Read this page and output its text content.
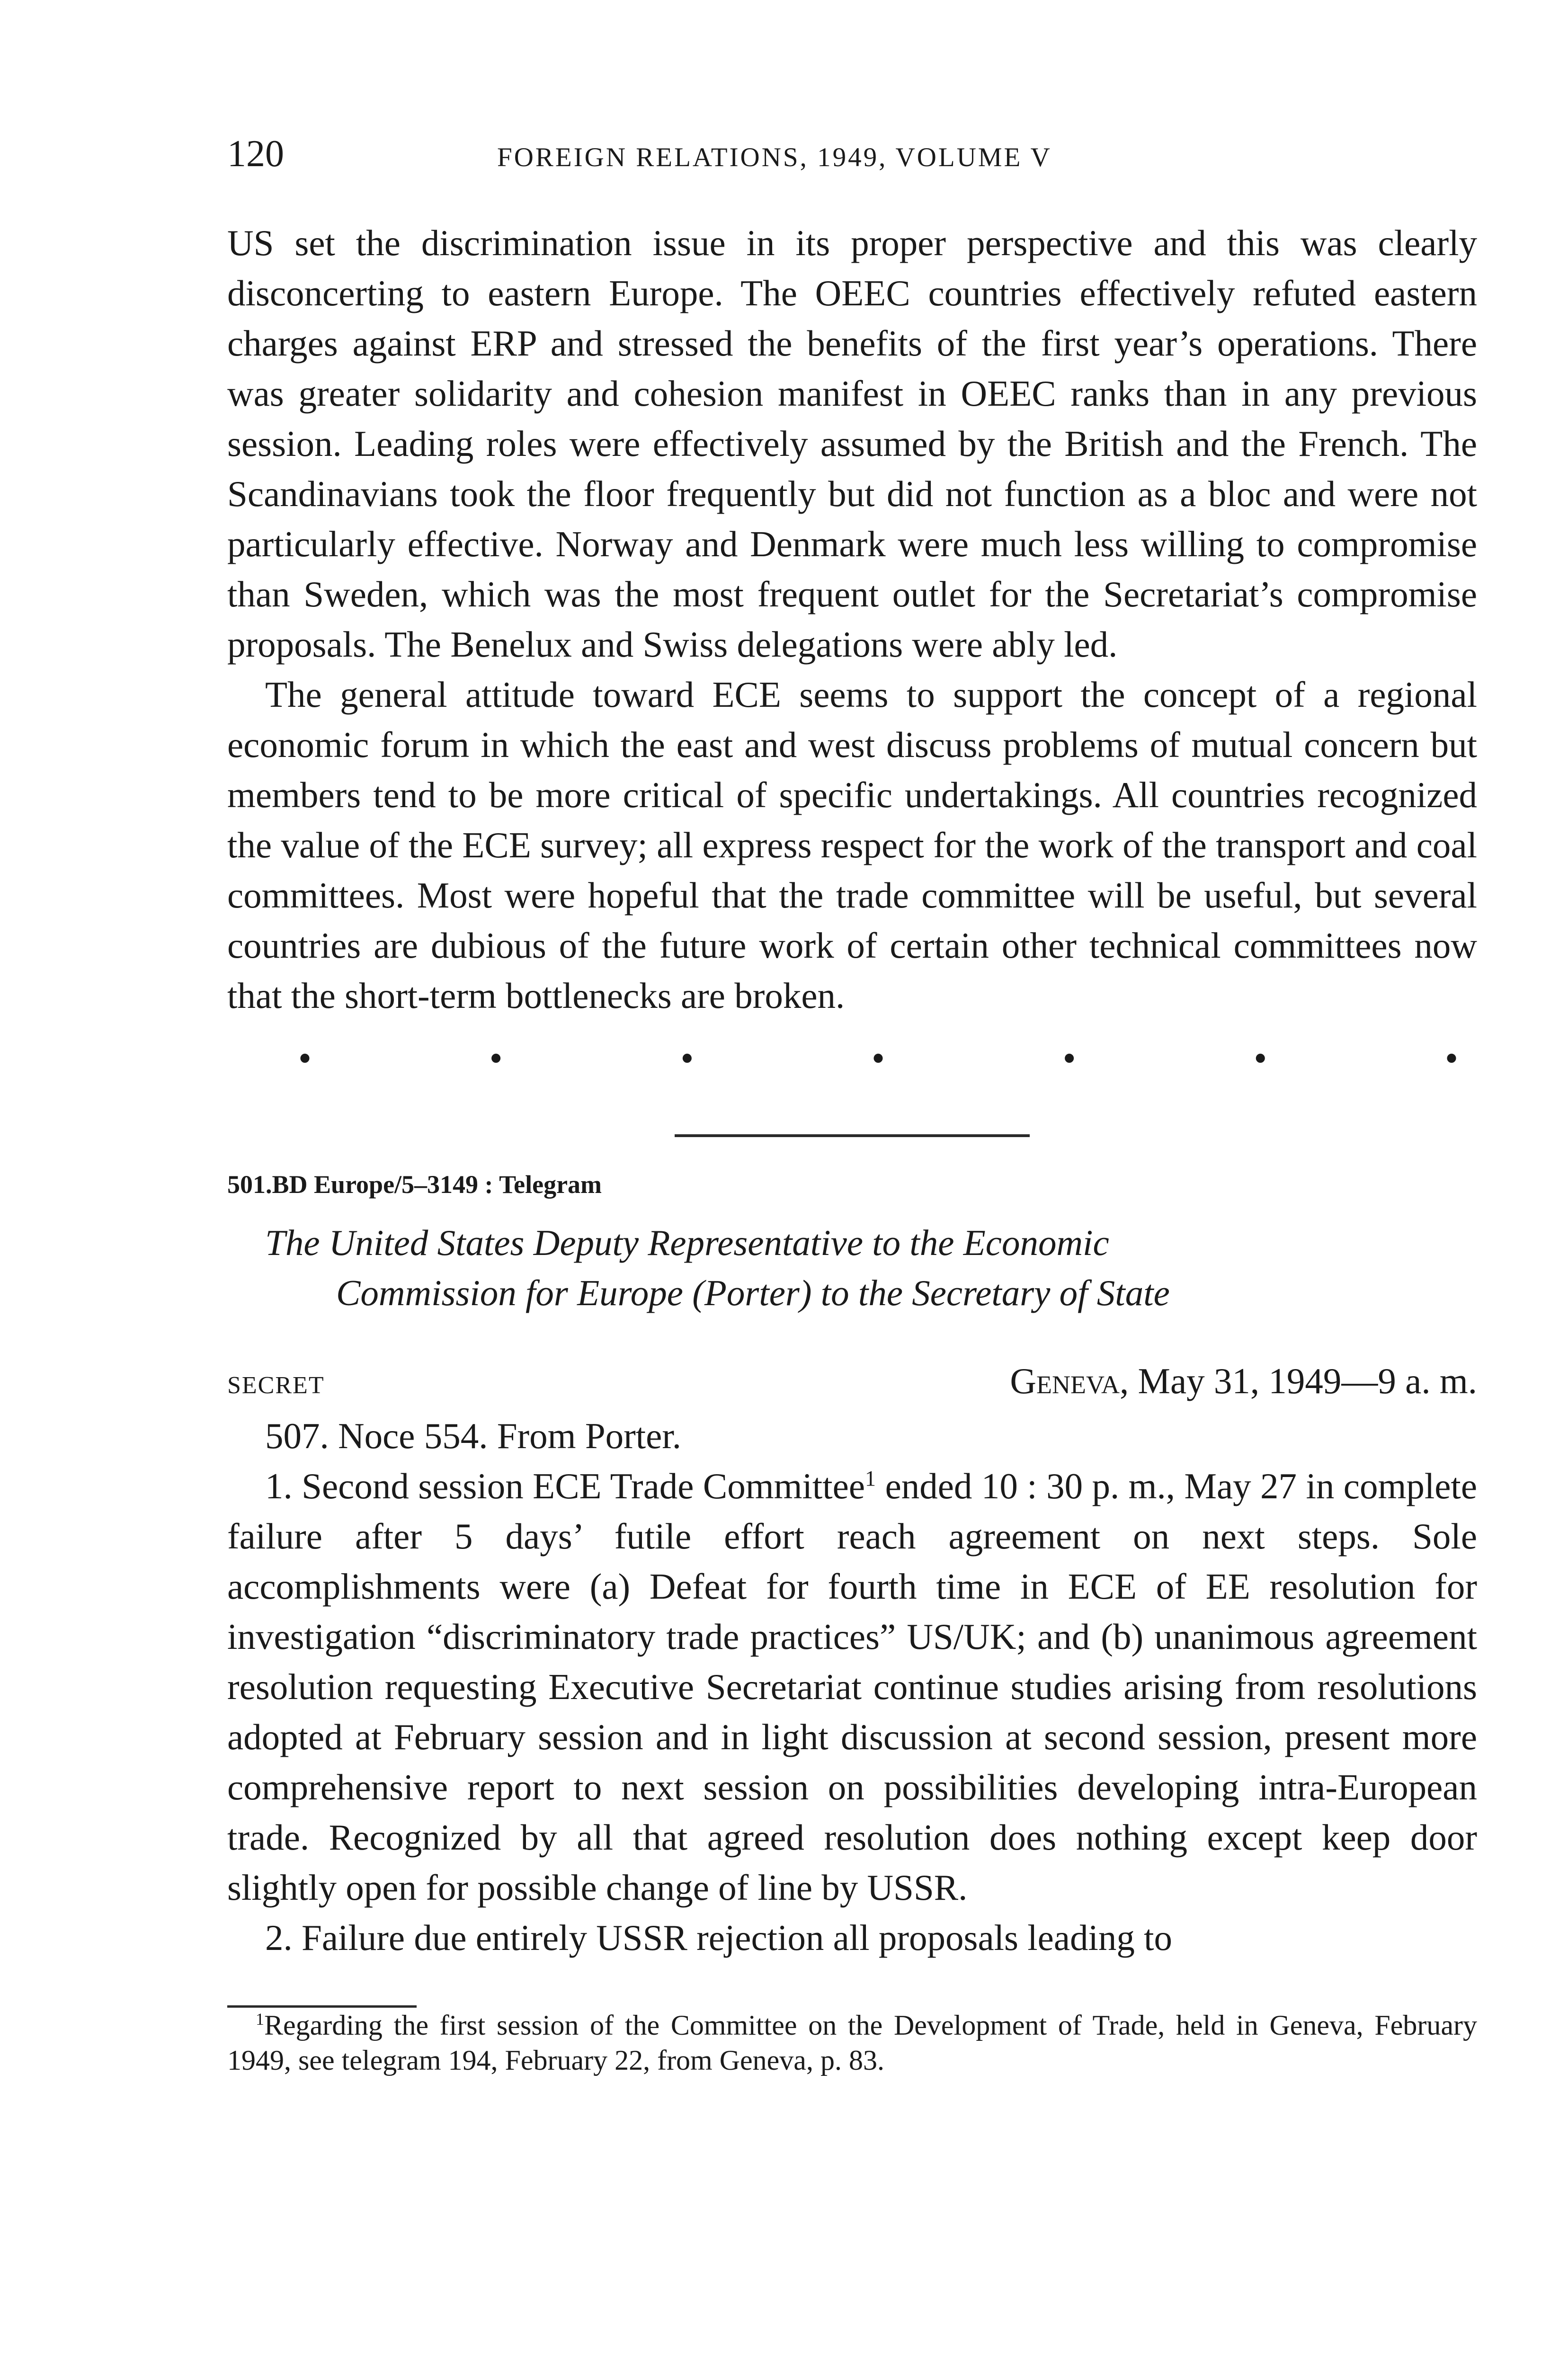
120	FOREIGN RELATIONS, 1949, VOLUME V

US set the discrimination issue in its proper perspective and this was clearly disconcerting to eastern Europe. The OEEC countries effectively refuted eastern charges against ERP and stressed the benefits of the first year’s operations. There was greater solidarity and cohesion manifest in OEEC ranks than in any previous session. Leading roles were effectively assumed by the British and the French. The Scandinavians took the floor frequently but did not function as a bloc and were not particularly effective. Norway and Denmark were much less willing to compromise than Sweden, which was the most frequent outlet for the Secretariat’s compromise proposals. The Benelux and Swiss delegations were ably led.

The general attitude toward ECE seems to support the concept of a regional economic forum in which the east and west discuss problems of mutual concern but members tend to be more critical of specific undertakings. All countries recognized the value of the ECE survey; all express respect for the work of the transport and coal committees. Most were hopeful that the trade committee will be useful, but several countries are dubious of the future work of certain other technical committees now that the short-term bottlenecks are broken.

•	•	•	•	•	•	•
501.BD Europe/5–3149 : Telegram
The United States Deputy Representative to the Economic
Commission for Europe (Porter) to the Secretary of State
SECRET	Geneva, May 31, 1949—9 a. m.

507. Noce 554. From Porter.

1. Second session ECE Trade Committee$^1$ ended 10 : 30 p. m., May 27 in complete failure after 5 days’ futile effort reach agreement on next steps. Sole accomplishments were (a) Defeat for fourth time in ECE of EE resolution for investigation “discriminatory trade practices” US/UK; and (b) unanimous agreement resolution requesting Executive Secretariat continue studies arising from resolutions adopted at February session and in light discussion at second session, present more comprehensive report to next session on possibilities developing intra-European trade. Recognized by all that agreed resolution does nothing except keep door slightly open for possible change of line by USSR.

2. Failure due entirely USSR rejection all proposals leading to

$^1$Regarding the first session of the Committee on the Development of Trade, held in Geneva, February 1949, see telegram 194, February 22, from Geneva, p. 83.
